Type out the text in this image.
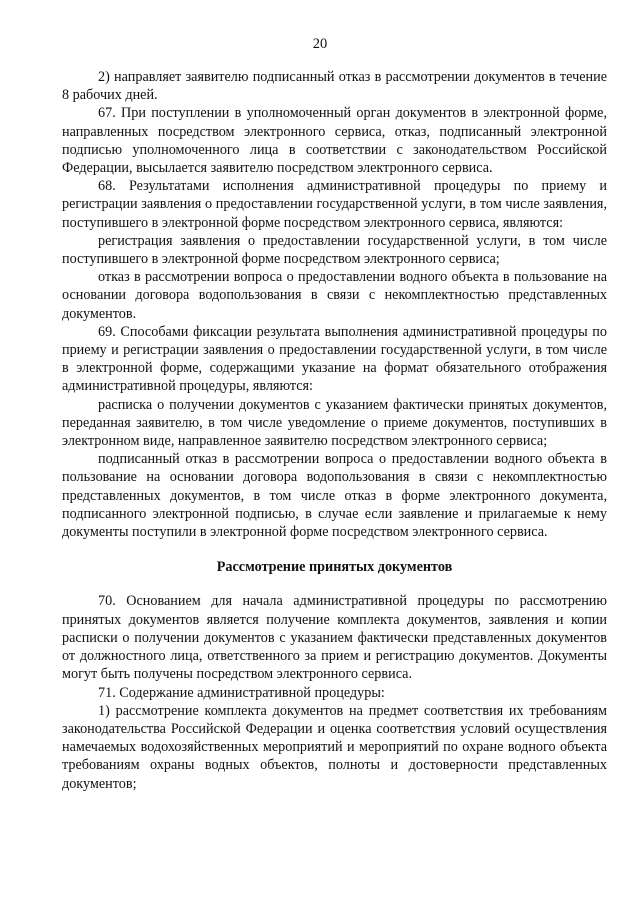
20

2) направляет заявителю подписанный отказ в рассмотрении документов в течение 8 рабочих дней.

67. При поступлении в уполномоченный орган документов в электронной форме, направленных посредством электронного сервиса, отказ, подписанный электронной подписью уполномоченного лица в соответствии с законодательством Российской Федерации, высылается заявителю посредством электронного сервиса.

68. Результатами исполнения административной процедуры по приему и регистрации заявления о предоставлении государственной услуги, в том числе заявления, поступившего в электронной форме посредством электронного сервиса, являются:

регистрация заявления о предоставлении государственной услуги, в том числе поступившего в электронной форме посредством электронного сервиса;

отказ в рассмотрении вопроса о предоставлении водного объекта в пользование на основании договора водопользования в связи с некомплектностью представленных документов.

69. Способами фиксации результата выполнения административной процедуры по приему и регистрации заявления о предоставлении государственной услуги, в том числе в электронной форме, содержащими указание на формат обязательного отображения административной процедуры, являются:

расписка о получении документов с указанием фактически принятых документов, переданная заявителю, в том числе уведомление о приеме документов, поступивших в электронном виде, направленное заявителю посредством электронного сервиса;

подписанный отказ в рассмотрении вопроса о предоставлении водного объекта в пользование на основании договора водопользования в связи с некомплектностью представленных документов, в том числе отказ в форме электронного документа, подписанного электронной подписью, в случае если заявление и прилагаемые к нему документы поступили в электронной форме посредством электронного сервиса.

Рассмотрение принятых документов

70. Основанием для начала административной процедуры по рассмотрению принятых документов является получение комплекта документов, заявления и копии расписки о получении документов с указанием фактически представленных документов от должностного лица, ответственного за прием и регистрацию документов. Документы могут быть получены посредством электронного сервиса.

71. Содержание административной процедуры:

1) рассмотрение комплекта документов на предмет соответствия их требованиям законодательства Российской Федерации и оценка соответствия условий осуществления намечаемых водохозяйственных мероприятий и мероприятий по охране водного объекта требованиям охраны водных объектов, полноты и достоверности представленных документов;
